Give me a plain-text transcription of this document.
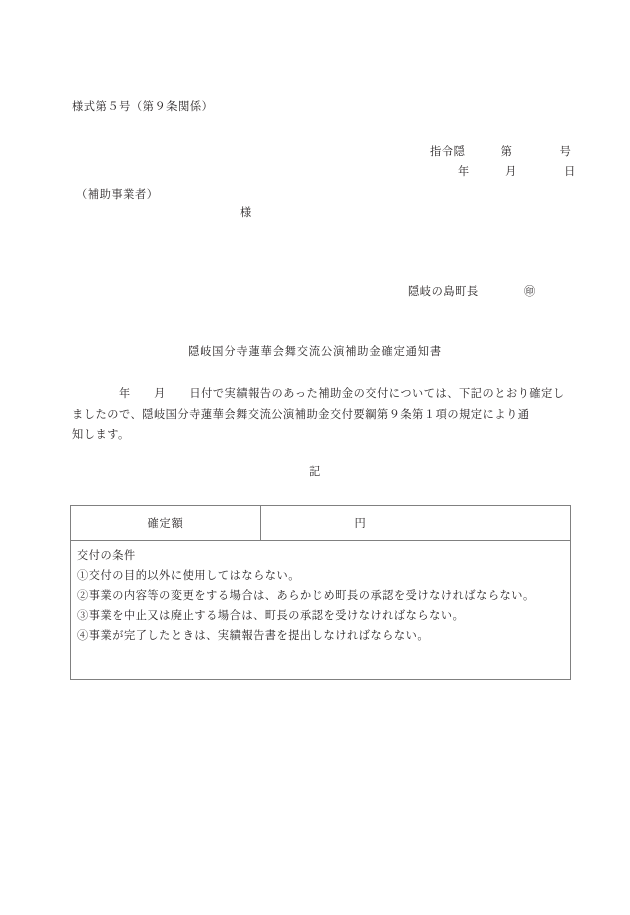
様式第５号（第９条関係）
指令隠　　　第　　　　号
年　　　月　　　　日
（補助事業者）
様
隠岐の島町長	㊞
隠岐国分寺蓮華会舞交流公演補助金確定通知書
　　　　年　　月　　日付で実績報告のあった補助金の交付については、下記のとおり確定し
ましたので、隠岐国分寺蓮華会舞交流公演補助金交付要綱第９条第１項の規定により通
知します。
記
確定額	円
交付の条件
①交付の目的以外に使用してはならない。
②事業の内容等の変更をする場合は、あらかじめ町長の承認を受けなければならない。
③事業を中止又は廃止する場合は、町長の承認を受けなければならない。
④事業が完了したときは、実績報告書を提出しなければならない。
